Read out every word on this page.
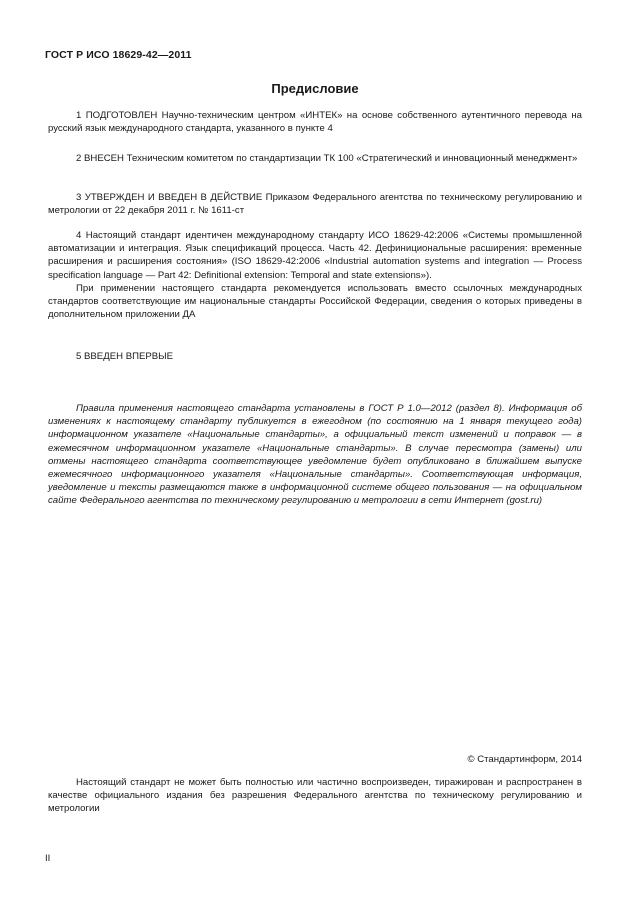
ГОСТ Р ИСО 18629-42—2011
Предисловие

1 ПОДГОТОВЛЕН Научно-техническим центром «ИНТЕК» на основе собственного аутентичного перевода на русский язык международного стандарта, указанного в пункте 4

2 ВНЕСЕН Техническим комитетом по стандартизации ТК 100 «Стратегический и инновационный менеджмент»

3 УТВЕРЖДЕН И ВВЕДЕН В ДЕЙСТВИЕ Приказом Федерального агентства по техническому регулированию и метрологии от 22 декабря 2011 г. № 1611-ст

4 Настоящий стандарт идентичен международному стандарту ИСО 18629-42:2006 «Системы промышленной автоматизации и интеграция. Язык спецификаций процесса. Часть 42. Дефинициональные расширения: временные расширения и расширения состояния» (ISO 18629-42:2006 «Industrial automation systems and integration — Process specification language — Part 42: Definitional extension: Temporal and state extensions»).

При применении настоящего стандарта рекомендуется использовать вместо ссылочных международных стандартов соответствующие им национальные стандарты Российской Федерации, сведения о которых приведены в дополнительном приложении ДА

5 ВВЕДЕН ВПЕРВЫЕ

Правила применения настоящего стандарта установлены в ГОСТ Р 1.0—2012 (раздел 8). Информация об изменениях к настоящему стандарту публикуется в ежегодном (по состоянию на 1 января текущего года) информационном указателе «Национальные стандарты», а официальный текст изменений и поправок — в ежемесячном информационном указателе «Национальные стандарты». В случае пересмотра (замены) или отмены настоящего стандарта соответствующее уведомление будет опубликовано в ближайшем выпуске ежемесячного информационного указателя «Национальные стандарты». Соответствующая информация, уведомление и тексты размещаются также в информационной системе общего пользования — на официальном сайте Федерального агентства по техническому регулированию и метрологии в сети Интернет (gost.ru)

© Стандартинформ, 2014

Настоящий стандарт не может быть полностью или частично воспроизведен, тиражирован и распространен в качестве официального издания без разрешения Федерального агентства по техническому регулированию и метрологии

II
